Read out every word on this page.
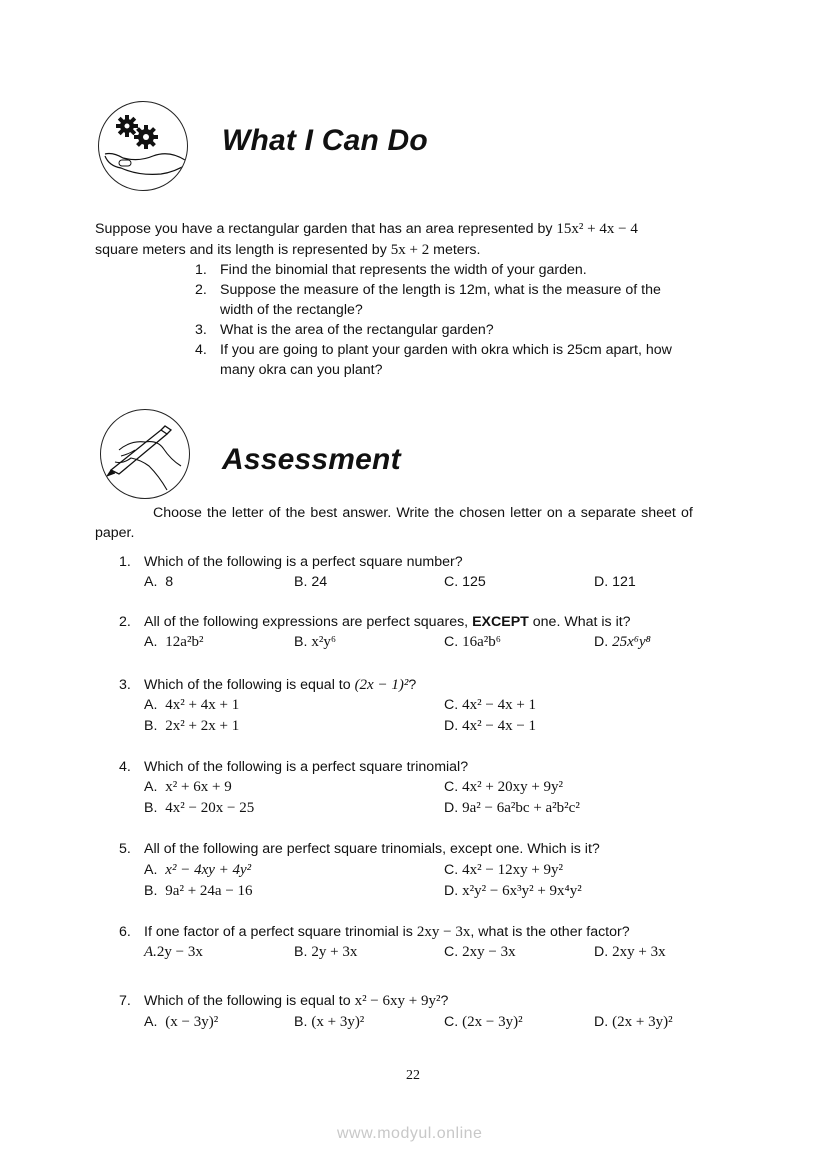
What I Can Do
Suppose you have a rectangular garden that has an area represented by 15x² + 4x − 4
square meters and its length is represented by 5x + 2 meters.
1. Find the binomial that represents the width of your garden.
2. Suppose the measure of the length is 12m, what is the measure of the
width of the rectangle?
3. What is the area of the rectangular garden?
4. If you are going to plant your garden with okra which is 25cm apart, how
many okra can you plant?
Assessment
Choose the letter of the best answer. Write the chosen letter on a separate sheet of
paper.
1. Which of the following is a perfect square number?
A. 8	B. 24	C. 125	D. 121
2. All of the following expressions are perfect squares, EXCEPT one. What is it?
A. 12a²b²	B. x²y⁶	C. 16a²b⁶	D. 25x⁶y⁸
3. Which of the following is equal to (2x − 1)²?
A. 4x² + 4x + 1
B. 2x² + 2x + 1
C. 4x² − 4x + 1
D. 4x² − 4x − 1
4. Which of the following is a perfect square trinomial?
A. x² + 6x + 9
B. 4x² − 20x − 25
C. 4x² + 20xy + 9y²
D. 9a² − 6a²bc + a²b²c²
5. All of the following are perfect square trinomials, except one. Which is it?
A. x² − 4xy + 4y²
B. 9a² + 24a − 16
C. 4x² − 12xy + 9y²
D. x²y² − 6x³y² + 9x⁴y²
6. If one factor of a perfect square trinomial is 2xy − 3x, what is the other factor?
A.2y − 3x	B. 2y + 3x	C. 2xy − 3x	D. 2xy + 3x
7. Which of the following is equal to x² − 6xy + 9y²?
A. (x − 3y)²	B. (x + 3y)²	C. (2x − 3y)²	D. (2x + 3y)²
22
www.modyul.online
